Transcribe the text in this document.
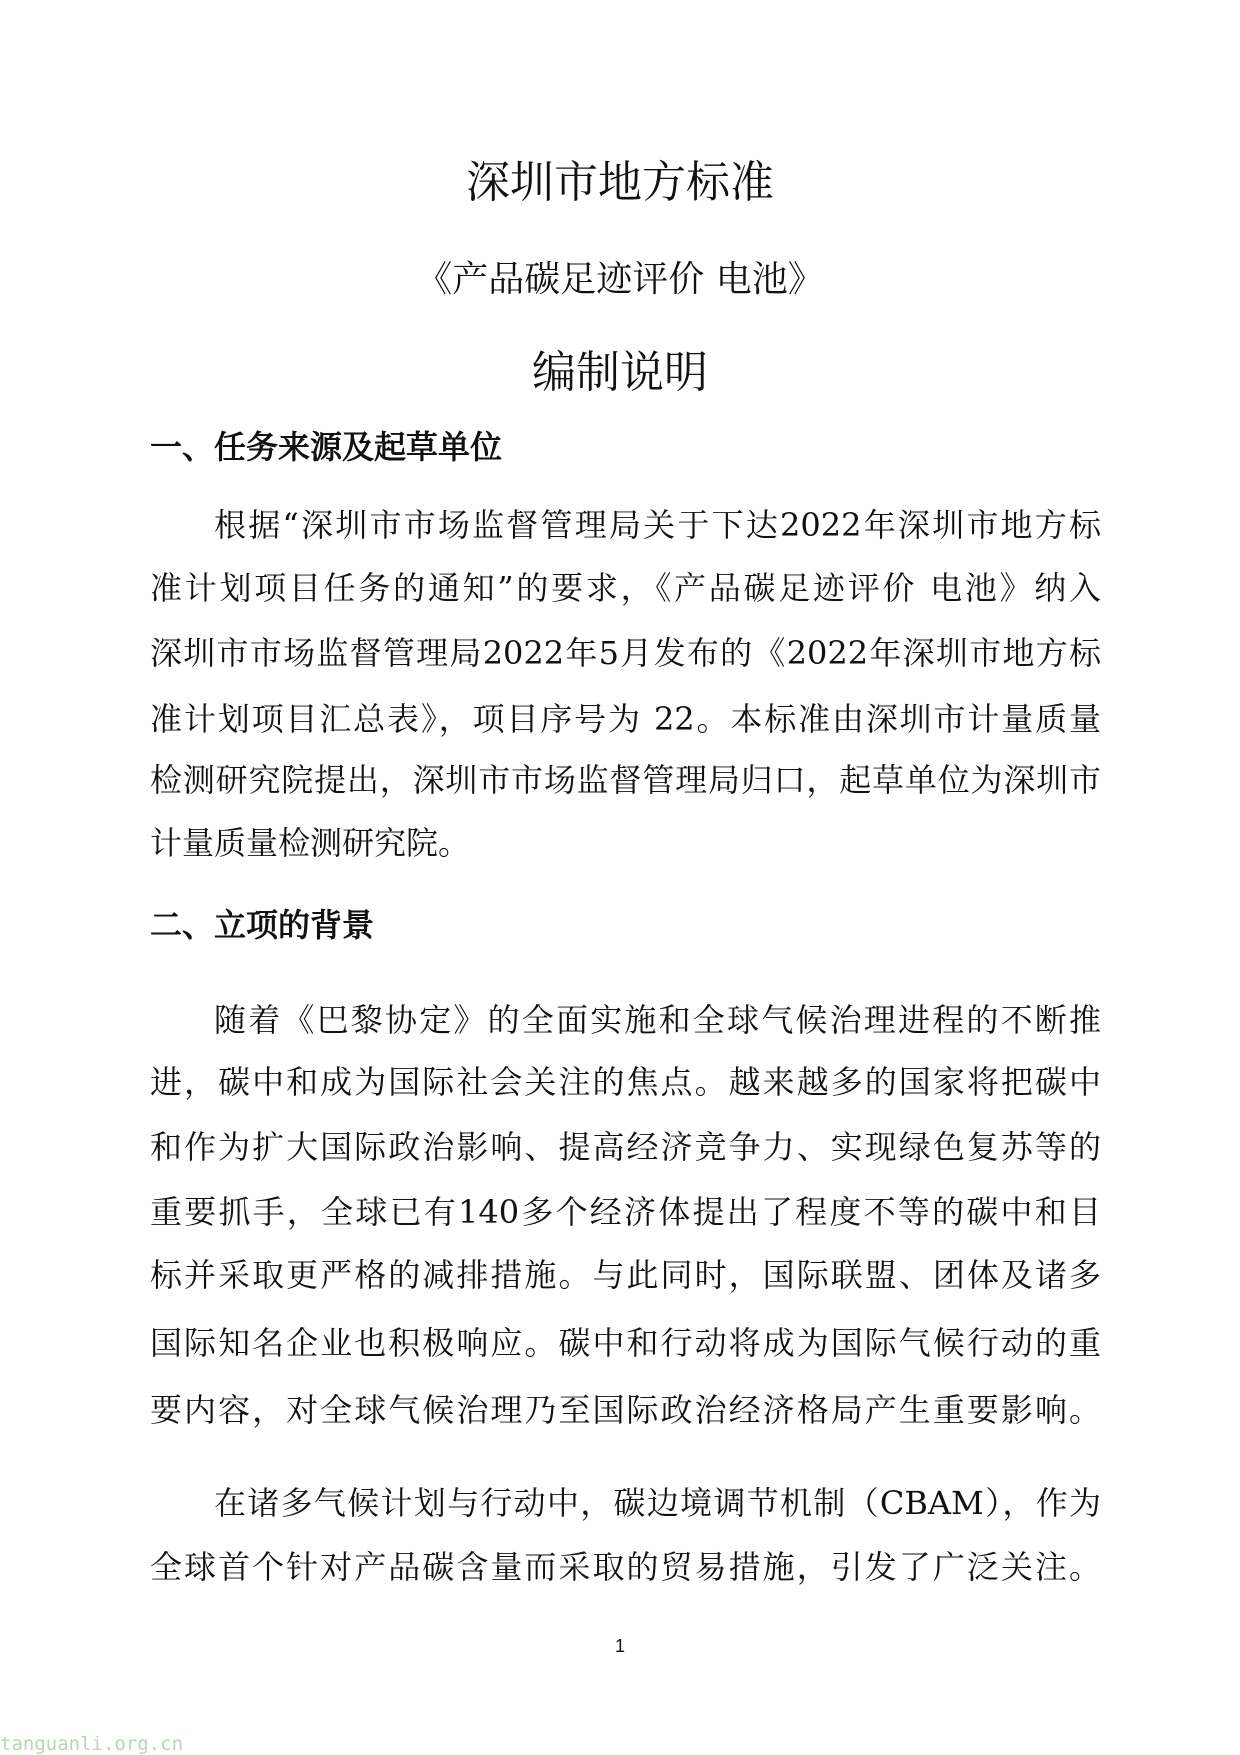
深圳市地方标准
《产品碳足迹评价 电池》
编制说明
一、任务来源及起草单位
根据“深圳市市场监督管理局关于下达2022年深圳市地方标
准计划项目任务的通知”的要求，《产品碳足迹评价 电池》纳入
深圳市市场监督管理局2022年5月发布的《2022年深圳市地方标
准计划项目汇总表》，项目序号为 22。本标准由深圳市计量质量
检测研究院提出，深圳市市场监督管理局归口，起草单位为深圳市
计量质量检测研究院。
二、立项的背景
随着《巴黎协定》的全面实施和全球气候治理进程的不断推
进，碳中和成为国际社会关注的焦点。越来越多的国家将把碳中
和作为扩大国际政治影响、提高经济竞争力、实现绿色复苏等的
重要抓手，全球已有140多个经济体提出了程度不等的碳中和目
标并采取更严格的减排措施。与此同时，国际联盟、团体及诸多
国际知名企业也积极响应。碳中和行动将成为国际气候行动的重
要内容，对全球气候治理乃至国际政治经济格局产生重要影响。
在诸多气候计划与行动中，碳边境调节机制（CBAM），作为
全球首个针对产品碳含量而采取的贸易措施，引发了广泛关注。
1
tanguanli.org.cn
